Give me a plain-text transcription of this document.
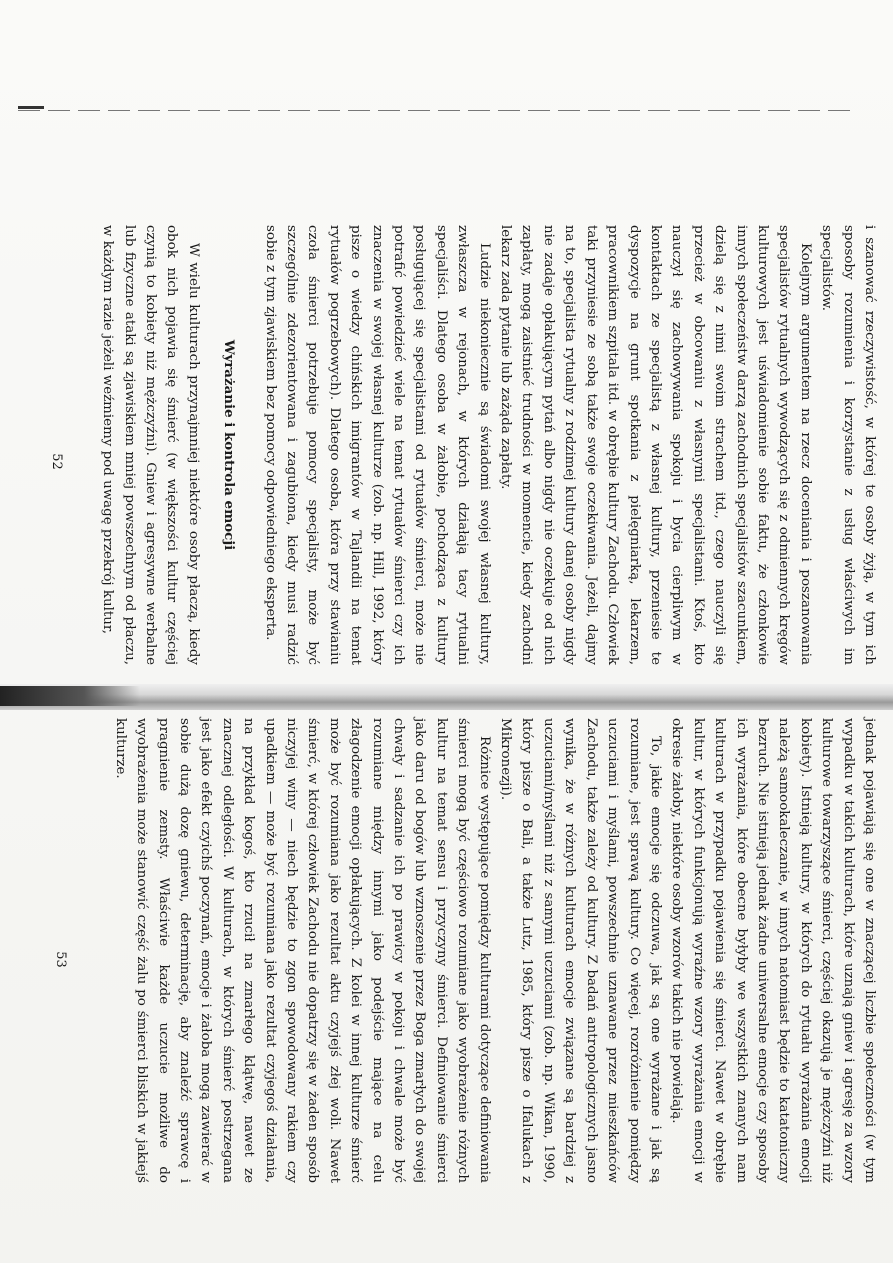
i szanować rzeczywistość, w której te osoby żyją, w tym ich sposoby rozumienia i korzystanie z usług właściwych im specjalistów.

Kolejnym argumentem na rzecz doceniania i poszanowania specjalistów rytualnych wywodzących się z odmiennych kręgów kulturowych jest uświadomienie sobie faktu, że członkowie innych społeczeństw darzą zachodnich specjalistów szacunkiem, dzielą się z nimi swoim strachem itd., czego nauczyli się przecież w obcowaniu z własnymi specjalistami. Ktoś, kto nauczył się zachowywania spokoju i bycia cierpliwym w kontaktach ze specjalistą z własnej kultury, przeniesie te dyspozycje na grunt spotkania z pielęgniarką, lekarzem, pracownikiem szpitala itd. w obrębie kultury Zachodu. Człowiek taki przyniesie ze sobą także swoje oczekiwania. Jeżeli, dajmy na to, specjalista rytualny z rodzimej kultury danej osoby nigdy nie zadaje opłakującym pytań albo nigdy nie oczekuje od nich zapłaty, mogą zaistnieć trudności w momencie, kiedy zachodni lekarz zada pytanie lub zażąda zapłaty.

Ludzie niekoniecznie są świadomi swojej własnej kultury, zwłaszcza w rejonach, w których działają tacy rytualni specjaliści. Dlatego osoba w żałobie, pochodząca z kultury posługującej się specjalistami od rytuałów śmierci, może nie potrafić powiedzieć wiele na temat rytuałów śmierci czy ich znaczenia w swojej własnej kulturze (zob. np. Hill, 1992, który pisze o wiedzy chińskich imigrantów w Tajlandii na temat rytuałów pogrzebowych). Dlatego osoba, która przy stawianiu czoła śmierci potrzebuje pomocy specjalisty, może być szczególnie zdezorientowana i zagubiona, kiedy musi radzić sobie z tym zjawiskiem bez pomocy odpowiedniego eksperta.

Wyrażanie i kontrola emocji

W wielu kulturach przynajmniej niektóre osoby płaczą, kiedy obok nich pojawia się śmierć (w większości kultur częściej czynią to kobiety niż mężczyźni). Gniew i agresywne werbalne lub fizyczne ataki są zjawiskiem mniej powszechnym od płaczu, w każdym razie jeżeli weźmiemy pod uwagę przekrój kultur,

52

jednak pojawiają się one w znaczącej liczbie społeczności (w tym wypadku w takich kulturach, które uznają gniew i agresję za wzory kulturowe towarzyszące śmierci, częściej okazują je mężczyźni niż kobiety). Istnieją kultury, w których do rytuału wyrażania emocji należą samookaleczanie, w innych natomiast będzie to katatoniczny bezruch. Nie istnieją jednak żadne uniwersalne emocje czy sposoby ich wyrażania, które obecne byłyby we wszystkich znanych nam kulturach w przypadku pojawienia się śmierci. Nawet w obrębie kultur, w których funkcjonują wyraźne wzory wyrażania emocji w okresie żałoby, niektóre osoby wzorów takich nie powielają.

To, jakie emocje się odczuwa, jak są one wyrażane i jak są rozumiane, jest sprawą kultury. Co więcej, rozróżnienie pomiędzy uczuciami i myślami, powszechnie uznawane przez mieszkańców Zachodu, także zależy od kultury. Z badań antropologicznych jasno wynika, że w różnych kulturach emocje związane są bardziej z uczuciami/myślami niż z samymi uczuciami (zob. np. Wikan, 1990, który pisze o Bali, a także Lutz, 1985, który pisze o Ifalukach z Mikronezji).

Różnice występujące pomiędzy kulturami dotyczące definiowania śmierci mogą być częściowo rozumiane jako wyobrażenie różnych kultur na temat sensu i przyczyny śmierci. Definiowanie śmierci jako daru od bogów lub wznoszenie przez Boga zmarłych do swojej chwały i sadzanie ich po prawicy w pokoju i chwale może być rozumiane między innymi jako podejście mające na celu złagodzenie emocji opłakujących. Z kolei w innej kulturze śmierć może być rozumiana jako rezultat aktu czyjejś złej woli. Nawet śmierć, w której człowiek Zachodu nie dopatrzy się w żaden sposób niczyjej winy — niech będzie to zgon spowodowany rakiem czy upadkiem — może być rozumiana jako rezultat czyjegoś działania, na przykład kogoś, kto rzucił na zmarłego klątwę, nawet ze znacznej odległości. W kulturach, w których śmierć postrzegana jest jako efekt czyichś poczynań, emocje i żałoba mogą zawierać w sobie dużą dozę gniewu, determinację, aby znaleźć sprawcę i pragnienie zemsty. Właściwie każde uczucie możliwe do wyobrażenia może stanowić część żalu po śmierci bliskich w jakiejś kulturze.

53
